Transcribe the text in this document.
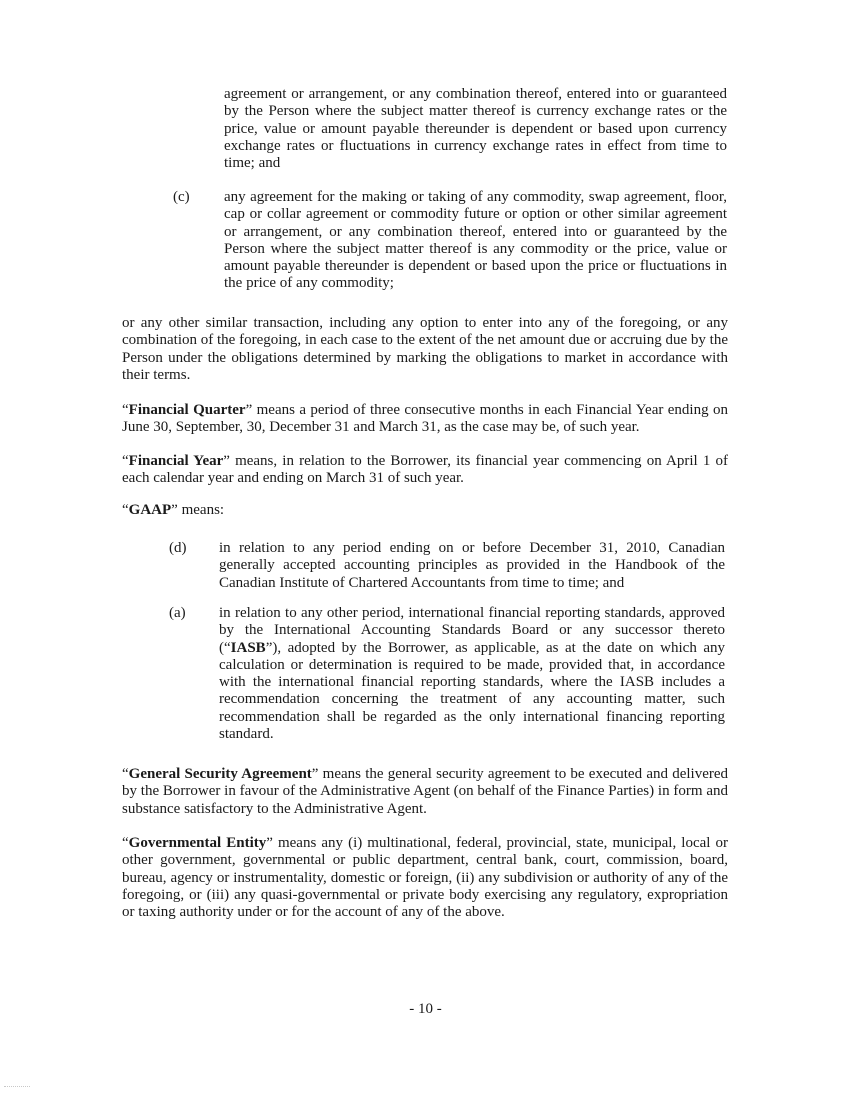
agreement or arrangement, or any combination thereof, entered into or guaranteed by the Person where the subject matter thereof is currency exchange rates or the price, value or amount payable thereunder is dependent or based upon currency exchange rates or fluctuations in currency exchange rates in effect from time to time; and

(c) any agreement for the making or taking of any commodity, swap agreement, floor, cap or collar agreement or commodity future or option or other similar agreement or arrangement, or any combination thereof, entered into or guaranteed by the Person where the subject matter thereof is any commodity or the price, value or amount payable thereunder is dependent or based upon the price or fluctuations in the price of any commodity;

or any other similar transaction, including any option to enter into any of the foregoing, or any combination of the foregoing, in each case to the extent of the net amount due or accruing due by the Person under the obligations determined by marking the obligations to market in accordance with their terms.

“Financial Quarter” means a period of three consecutive months in each Financial Year ending on June 30, September, 30, December 31 and March 31, as the case may be, of such year.

“Financial Year” means, in relation to the Borrower, its financial year commencing on April 1 of each calendar year and ending on March 31 of such year.

“GAAP” means:

(d) in relation to any period ending on or before December 31, 2010, Canadian generally accepted accounting principles as provided in the Handbook of the Canadian Institute of Chartered Accountants from time to time; and

(a) in relation to any other period, international financial reporting standards, approved by the International Accounting Standards Board or any successor thereto (“IASB”), adopted by the Borrower, as applicable, as at the date on which any calculation or determination is required to be made, provided that, in accordance with the international financial reporting standards, where the IASB includes a recommendation concerning the treatment of any accounting matter, such recommendation shall be regarded as the only international financing reporting standard.

“General Security Agreement” means the general security agreement to be executed and delivered by the Borrower in favour of the Administrative Agent (on behalf of the Finance Parties) in form and substance satisfactory to the Administrative Agent.

“Governmental Entity” means any (i) multinational, federal, provincial, state, municipal, local or other government, governmental or public department, central bank, court, commission, board, bureau, agency or instrumentality, domestic or foreign, (ii) any subdivision or authority of any of the foregoing, or (iii) any quasi-governmental or private body exercising any regulatory, expropriation or taxing authority under or for the account of any of the above.

- 10 -
